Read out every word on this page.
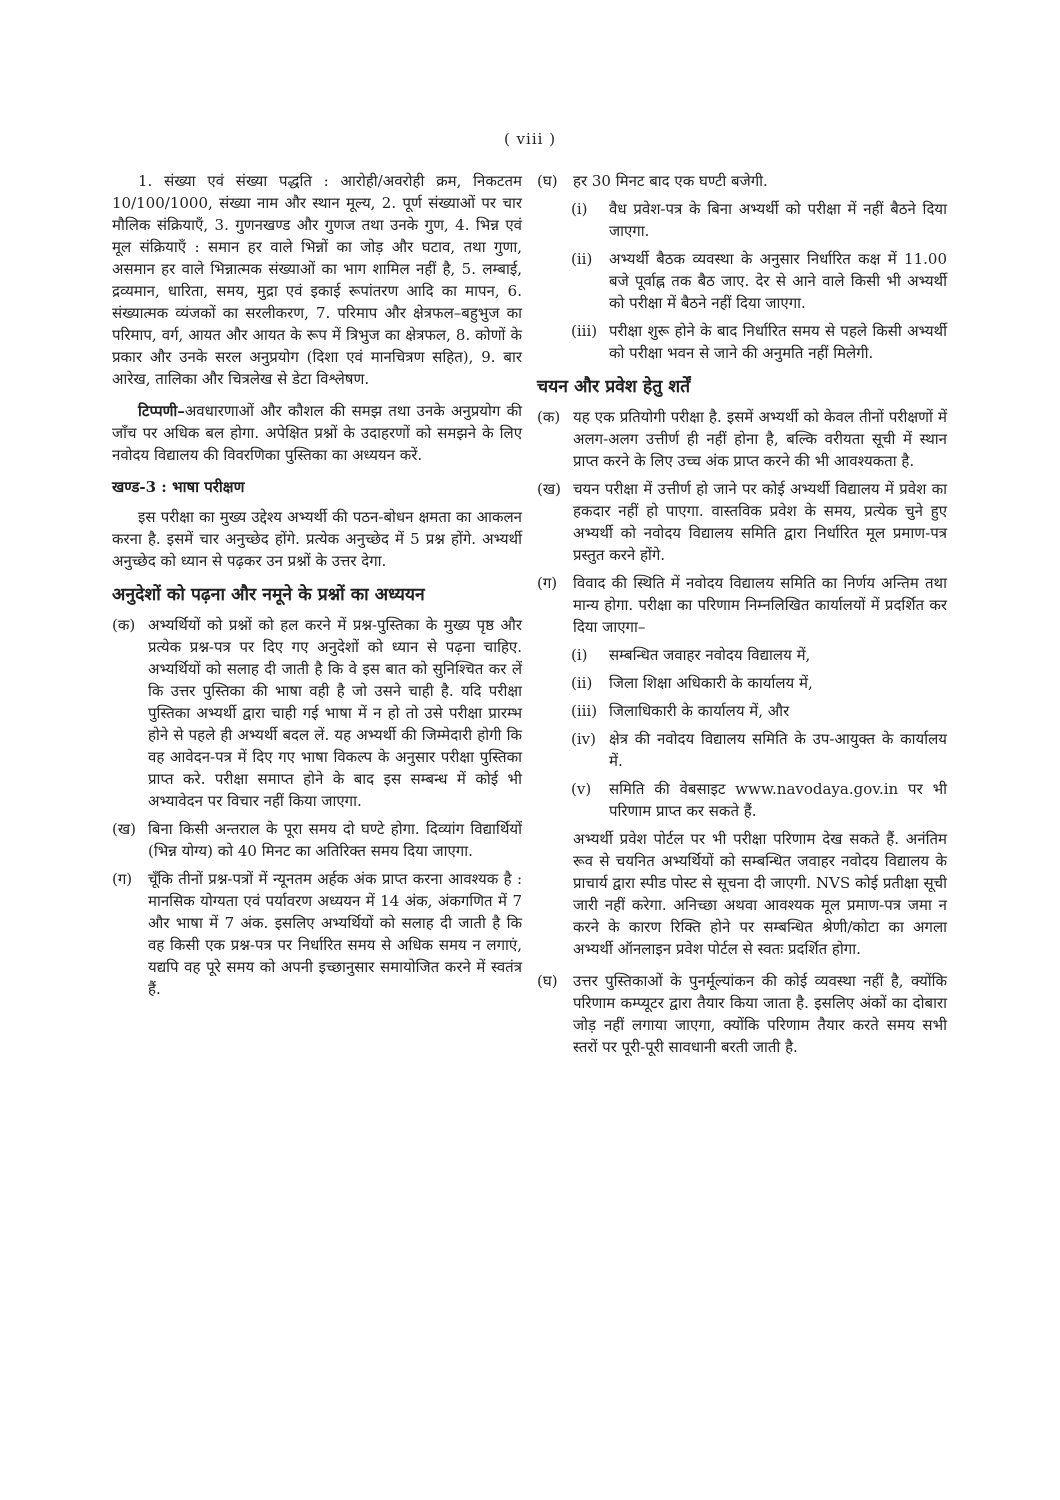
( viii )

1. संख्या एवं संख्या पद्धति : आरोही/अवरोही क्रम, निकटतम 10/100/1000, संख्या नाम और स्थान मूल्य, 2. पूर्ण संख्याओं पर चार मौलिक संक्रियाएँ, 3. गुणनखण्ड और गुणज तथा उनके गुण, 4. भिन्न एवं मूल संक्रियाएँ : समान हर वाले भिन्नों का जोड़ और घटाव, तथा गुणा, असमान हर वाले भिन्नात्मक संख्याओं का भाग शामिल नहीं है, 5. लम्बाई, द्रव्यमान, धारिता, समय, मुद्रा एवं इकाई रूपांतरण आदि का मापन, 6. संख्यात्मक व्यंजकों का सरलीकरण, 7. परिमाप और क्षेत्रफल–बहुभुज का परिमाप, वर्ग, आयत और आयत के रूप में त्रिभुज का क्षेत्रफल, 8. कोणों के प्रकार और उनके सरल अनुप्रयोग (दिशा एवं मानचित्रण सहित), 9. बार आरेख, तालिका और चित्रलेख से डेटा विश्लेषण.

टिप्पणी–अवधारणाओं और कौशल की समझ तथा उनके अनुप्रयोग की जाँच पर अधिक बल होगा. अपेक्षित प्रश्नों के उदाहरणों को समझने के लिए नवोदय विद्यालय की विवरणिका पुस्तिका का अध्ययन करें.

खण्ड-3 : भाषा परीक्षण

इस परीक्षा का मुख्य उद्देश्य अभ्यर्थी की पठन-बोधन क्षमता का आकलन करना है. इसमें चार अनुच्छेद होंगे. प्रत्येक अनुच्छेद में 5 प्रश्न होंगे. अभ्यर्थी अनुच्छेद को ध्यान से पढ़कर उन प्रश्नों के उत्तर देगा.

अनुदेशों को पढ़ना और नमूने के प्रश्नों का अध्ययन
(क) अभ्यर्थियों को प्रश्नों को हल करने में प्रश्न-पुस्तिका के मुख्य पृष्ठ और प्रत्येक प्रश्न-पत्र पर दिए गए अनुदेशों को ध्यान से पढ़ना चाहिए. अभ्यर्थियों को सलाह दी जाती है कि वे इस बात को सुनिश्चित कर लें कि उत्तर पुस्तिका की भाषा वही है जो उसने चाही है. यदि परीक्षा पुस्तिका अभ्यर्थी द्वारा चाही गई भाषा में न हो तो उसे परीक्षा प्रारम्भ होने से पहले ही अभ्यर्थी बदल लें. यह अभ्यर्थी की जिम्मेदारी होगी कि वह आवेदन-पत्र में दिए गए भाषा विकल्प के अनुसार परीक्षा पुस्तिका प्राप्त करे. परीक्षा समाप्त होने के बाद इस सम्बन्ध में कोई भी अभ्यावेदन पर विचार नहीं किया जाएगा.
(ख) बिना किसी अन्तराल के पूरा समय दो घण्टे होगा. दिव्यांग विद्यार्थियों (भिन्न योग्य) को 40 मिनट का अतिरिक्त समय दिया जाएगा.
(ग)	चूँकि तीनों प्रश्न-पत्रों में न्यूनतम अर्हक अंक प्राप्त करना आवश्यक है : मानसिक योग्यता एवं पर्यावरण अध्ययन में 14 अंक, अंकगणित में 7 और भाषा में 7 अंक. इसलिए अभ्यर्थियों को सलाह दी जाती है कि वह किसी एक प्रश्न-पत्र पर निर्धारित समय से अधिक समय न लगाएं, यद्यपि वह पूरे समय को अपनी इच्छानुसार समायोजित करने में स्वतंत्र हैं.
(घ)	हर 30 मिनट बाद एक घण्टी बजेगी.
(i)	वैध प्रवेश-पत्र के बिना अभ्यर्थी को परीक्षा में नहीं बैठने दिया जाएगा.
(ii)	अभ्यर्थी बैठक व्यवस्था के अनुसार निर्धारित कक्ष में 11.00 बजे पूर्वाह्न तक बैठ जाए. देर से आने वाले किसी भी अभ्यर्थी को परीक्षा में बैठने नहीं दिया जाएगा.
(iii) परीक्षा शुरू होने के बाद निर्धारित समय से पहले किसी अभ्यर्थी को परीक्षा भवन से जाने की अनुमति नहीं मिलेगी.
चयन और प्रवेश हेतु शर्तें
(क) यह एक प्रतियोगी परीक्षा है. इसमें अभ्यर्थी को केवल तीनों परीक्षणों में अलग-अलग उत्तीर्ण ही नहीं होना है, बल्कि वरीयता सूची में स्थान प्राप्त करने के लिए उच्च अंक प्राप्त करने की भी आवश्यकता है.
(ख) चयन परीक्षा में उत्तीर्ण हो जाने पर कोई अभ्यर्थी विद्यालय में प्रवेश का हकदार नहीं हो पाएगा. वास्तविक प्रवेश के समय, प्रत्येक चुने हुए अभ्यर्थी को नवोदय विद्यालय समिति द्वारा निर्धारित मूल प्रमाण-पत्र प्रस्तुत करने होंगे.
(ग)	विवाद की स्थिति में नवोदय विद्यालय समिति का निर्णय अन्तिम तथा मान्य होगा. परीक्षा का परिणाम निम्नलिखित कार्यालयों में प्रदर्शित कर दिया जाएगा–
(i)	सम्बन्धित जवाहर नवोदय विद्यालय में,
(ii)	जिला शिक्षा अधिकारी के कार्यालय में,
(iii) जिलाधिकारी के कार्यालय में, और
(iv) क्षेत्र की नवोदय विद्यालय समिति के उप-आयुक्त के कार्यालय में.
(v)	समिति की वेबसाइट www.navodaya.gov.in पर भी परिणाम प्राप्त कर सकते हैं.

अभ्यर्थी प्रवेश पोर्टल पर भी परीक्षा परिणाम देख सकते हैं. अनंतिम रूव से चयनित अभ्यर्थियों को सम्बन्धित जवाहर नवोदय विद्यालय के प्राचार्य द्वारा स्पीड पोस्ट से सूचना दी जाएगी. NVS कोई प्रतीक्षा सूची जारी नहीं करेगा. अनिच्छा अथवा आवश्यक मूल प्रमाण-पत्र जमा न करने के कारण रिक्ति होने पर सम्बन्धित श्रेणी/कोटा का अगला अभ्यर्थी ऑनलाइन प्रवेश पोर्टल से स्वतः प्रदर्शित होगा.

(घ)	उत्तर पुस्तिकाओं के पुनर्मूल्यांकन की कोई व्यवस्था नहीं है, क्योंकि परिणाम कम्प्यूटर द्वारा तैयार किया जाता है. इसलिए अंकों का दोबारा जोड़ नहीं लगाया जाएगा, क्योंकि परिणाम तैयार करते समय सभी स्तरों पर पूरी-पूरी सावधानी बरती जाती है.
